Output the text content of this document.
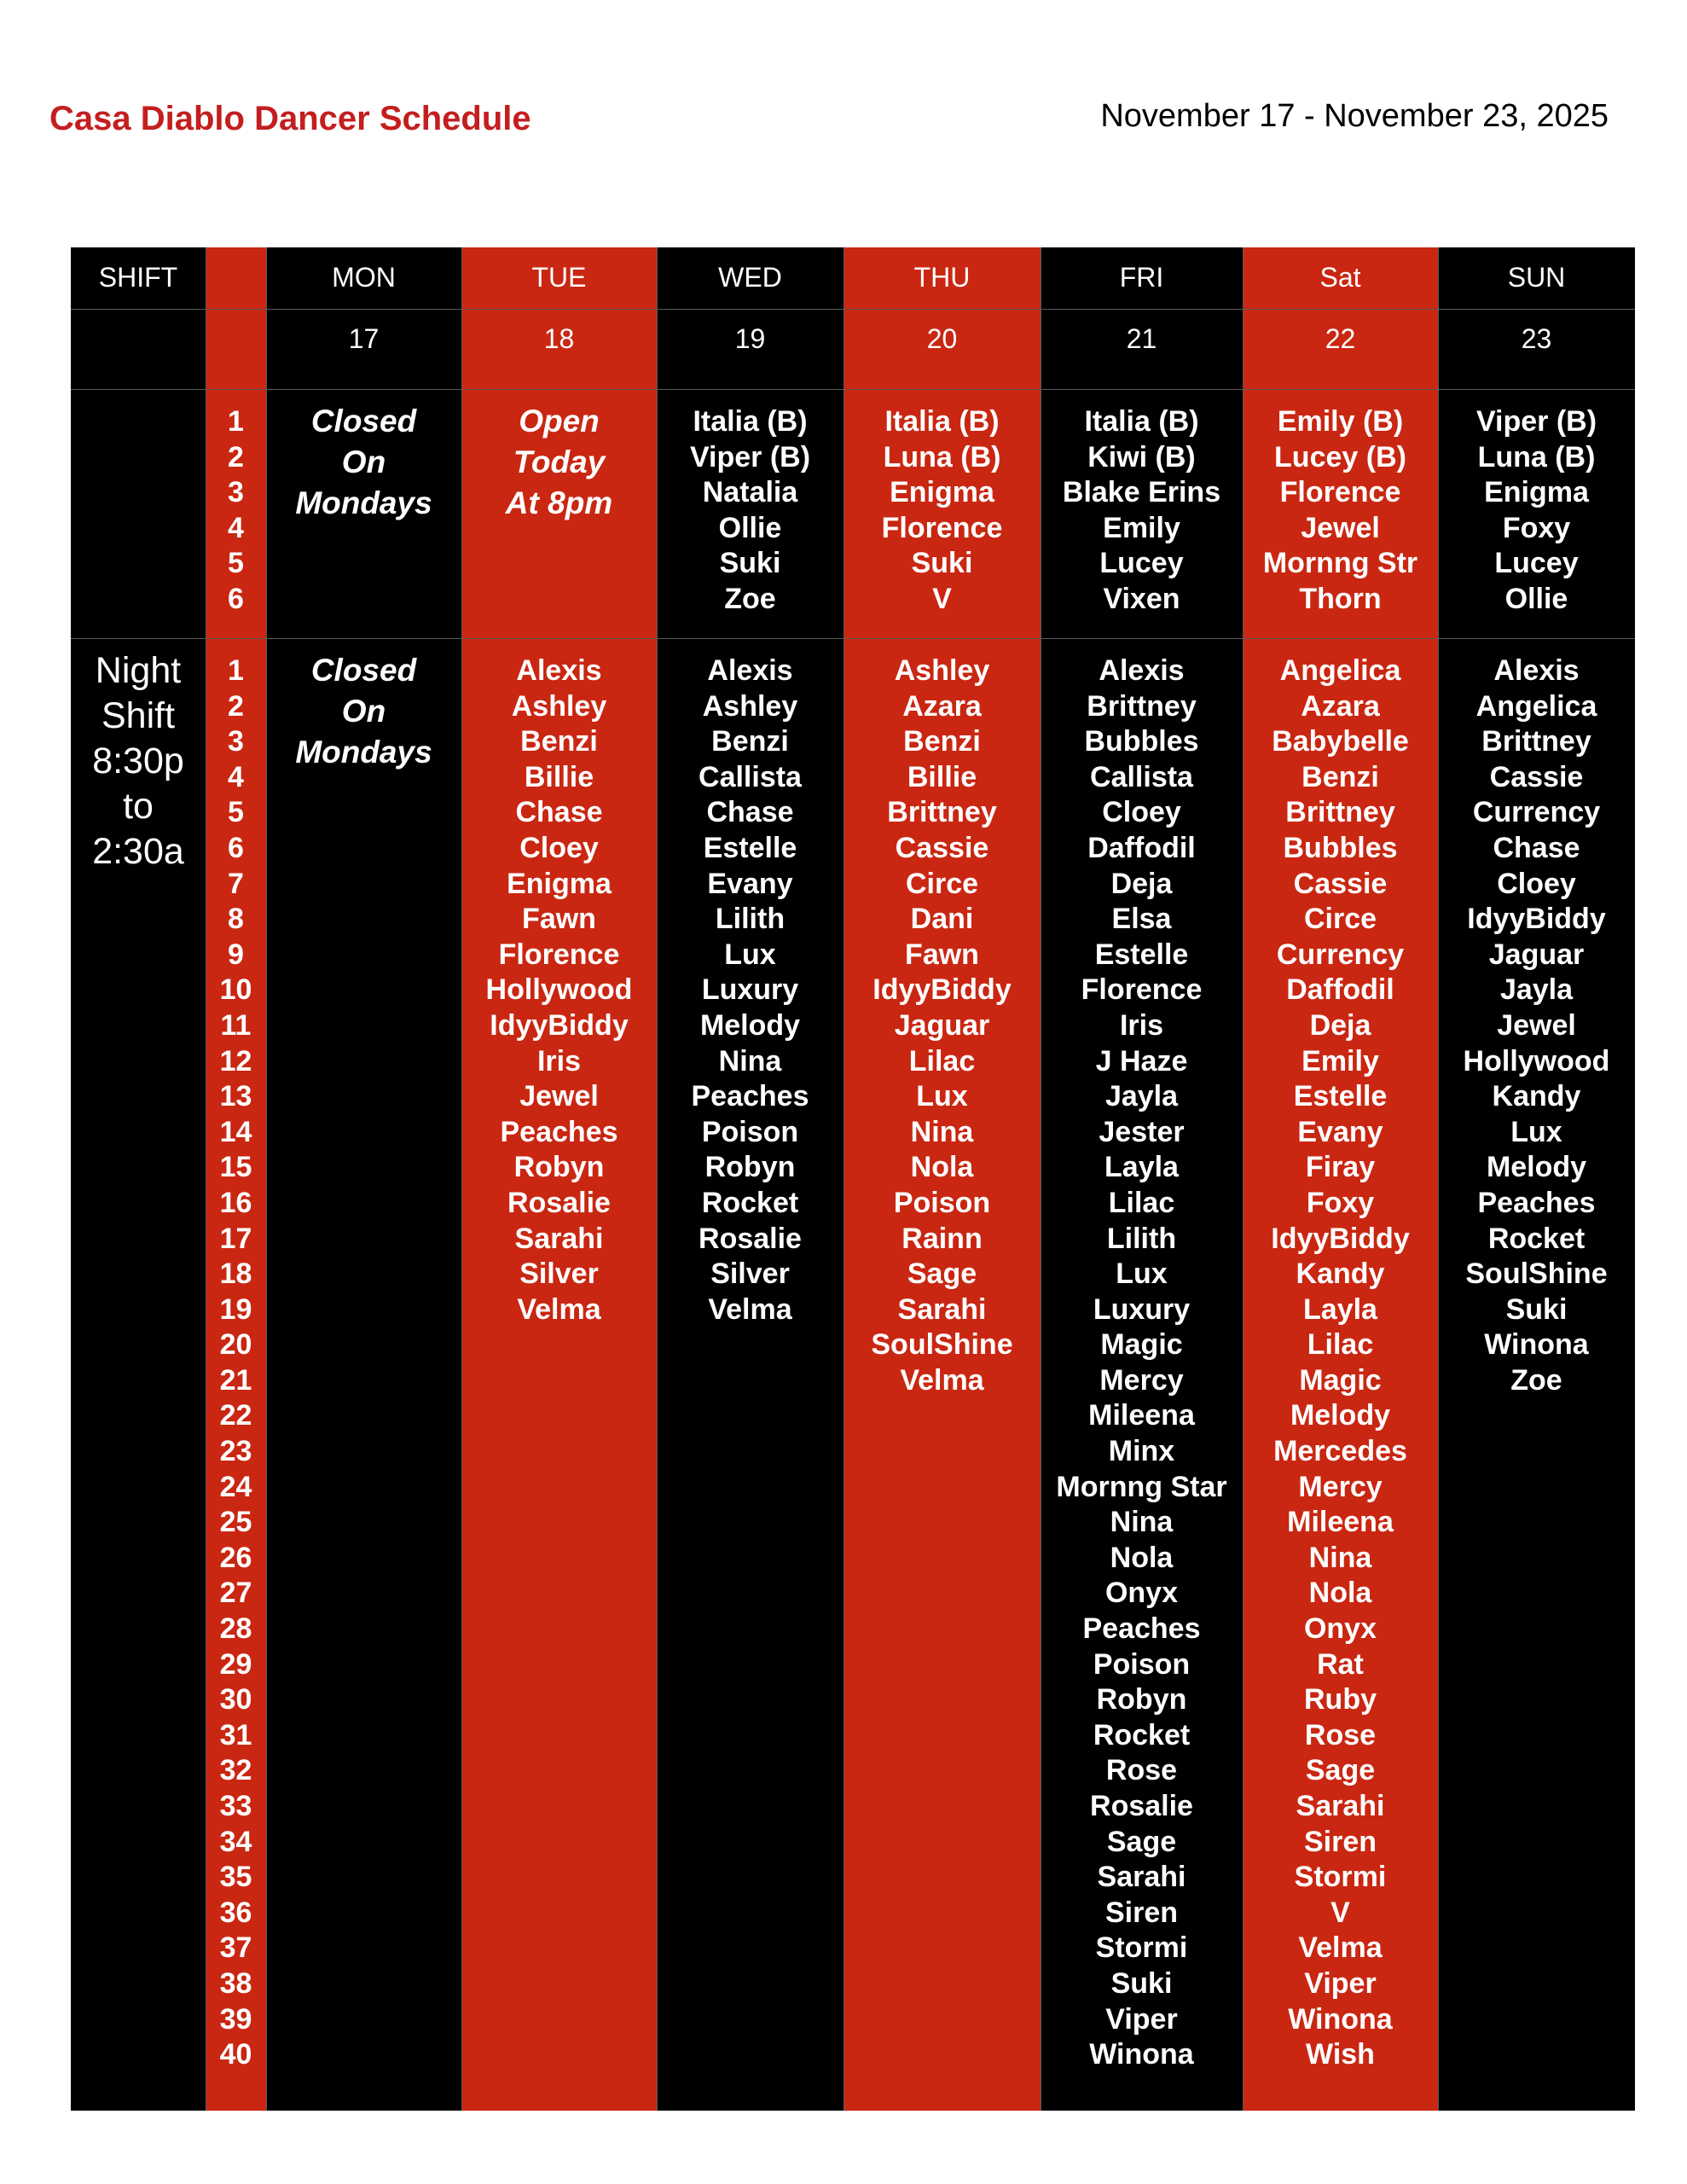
Casa Diablo Dancer Schedule	November 17 - November 23, 2025
SHIFT
Night
Shift
8:30p
to
2:30a
1
2
3
4
5
6
1
2
3
4
5
6
7
8
9
10
11
12
13
14
15
16
17
18
19
20
21
22
23
24
25
26
27
28
29
30
31
32
33
34
35
36
37
38
39
40
MON
17
Closed
On
Mondays
Closed
On
Mondays
TUE
18
Open
Today
At 8pm
Alexis
Ashley
Benzi
Billie
Chase
Cloey
Enigma
Fawn
Florence
Hollywood
IdyyBiddy
Iris
Jewel
Peaches
Robyn
Rosalie
Sarahi
Silver
Velma
WED
19
Italia (B)
Viper (B)
Natalia
Ollie
Suki
Zoe
Alexis
Ashley
Benzi
Callista
Chase
Estelle
Evany
Lilith
Lux
Luxury
Melody
Nina
Peaches
Poison
Robyn
Rocket
Rosalie
Silver
Velma
THU
20
Italia (B)
Luna (B)
Enigma
Florence
Suki
V
Ashley
Azara
Benzi
Billie
Brittney
Cassie
Circe
Dani
Fawn
IdyyBiddy
Jaguar
Lilac
Lux
Nina
Nola
Poison
Rainn
Sage
Sarahi
SoulShine
Velma
FRI
21
Italia (B)
Kiwi (B)
Blake Erins
Emily
Lucey
Vixen
Alexis
Brittney
Bubbles
Callista
Cloey
Daffodil
Deja
Elsa
Estelle
Florence
Iris
J Haze
Jayla
Jester
Layla
Lilac
Lilith
Lux
Luxury
Magic
Mercy
Mileena
Minx
Mornng Star
Nina
Nola
Onyx
Peaches
Poison
Robyn
Rocket
Rose
Rosalie
Sage
Sarahi
Siren
Stormi
Suki
Viper
Winona
Sat
22
Emily (B)
Lucey (B)
Florence
Jewel
Mornng Str
Thorn
Angelica
Azara
Babybelle
Benzi
Brittney
Bubbles
Cassie
Circe
Currency
Daffodil
Deja
Emily
Estelle
Evany
Firay
Foxy
IdyyBiddy
Kandy
Layla
Lilac
Magic
Melody
Mercedes
Mercy
Mileena
Nina
Nola
Onyx
Rat
Ruby
Rose
Sage
Sarahi
Siren
Stormi
V
Velma
Viper
Winona
Wish
SUN
23
Viper (B)
Luna (B)
Enigma
Foxy
Lucey
Ollie
Alexis
Angelica
Brittney
Cassie
Currency
Chase
Cloey
IdyyBiddy
Jaguar
Jayla
Jewel
Hollywood
Kandy
Lux
Melody
Peaches
Rocket
SoulShine
Suki
Winona
Zoe
